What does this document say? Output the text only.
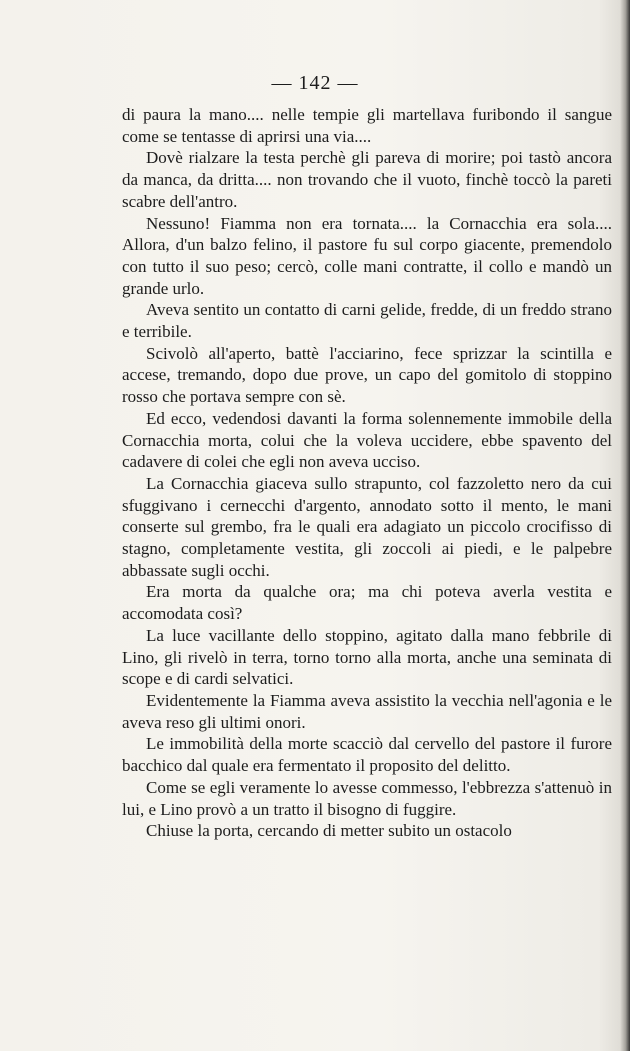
— 142 —

di paura la mano.... nelle tempie gli martellava furibondo il sangue come se tentasse di aprirsi una via....

Dovè rialzare la testa perchè gli pareva di morire; poi tastò ancora da manca, da dritta.... non trovando che il vuoto, finchè toccò la pareti scabre dell'antro.

Nessuno! Fiamma non era tornata.... la Cornacchia era sola.... Allora, d'un balzo felino, il pastore fu sul corpo giacente, premendolo con tutto il suo peso; cercò, colle mani contratte, il collo e mandò un grande urlo.

Aveva sentito un contatto di carni gelide, fredde, di un freddo strano e terribile.

Scivolò all'aperto, battè l'acciarino, fece sprizzar la scintilla e accese, tremando, dopo due prove, un capo del gomitolo di stoppino rosso che portava sempre con sè.

Ed ecco, vedendosi davanti la forma solennemente immobile della Cornacchia morta, colui che la voleva uccidere, ebbe spavento del cadavere di colei che egli non aveva ucciso.

La Cornacchia giaceva sullo strapunto, col fazzoletto nero da cui sfuggivano i cernecchi d'argento, annodato sotto il mento, le mani conserte sul grembo, fra le quali era adagiato un piccolo crocifisso di stagno, completamente vestita, gli zoccoli ai piedi, e le palpebre abbassate sugli occhi.

Era morta da qualche ora; ma chi poteva averla vestita e accomodata così?

La luce vacillante dello stoppino, agitato dalla mano febbrile di Lino, gli rivelò in terra, torno torno alla morta, anche una seminata di scope e di cardi selvatici.

Evidentemente la Fiamma aveva assistito la vecchia nell'agonia e le aveva reso gli ultimi onori.

Le immobilità della morte scacciò dal cervello del pastore il furore bacchico dal quale era fermentato il proposito del delitto.

Come se egli veramente lo avesse commesso, l'ebbrezza s'attenuò in lui, e Lino provò a un tratto il bisogno di fuggire.

Chiuse la porta, cercando di metter subito un ostacolo
